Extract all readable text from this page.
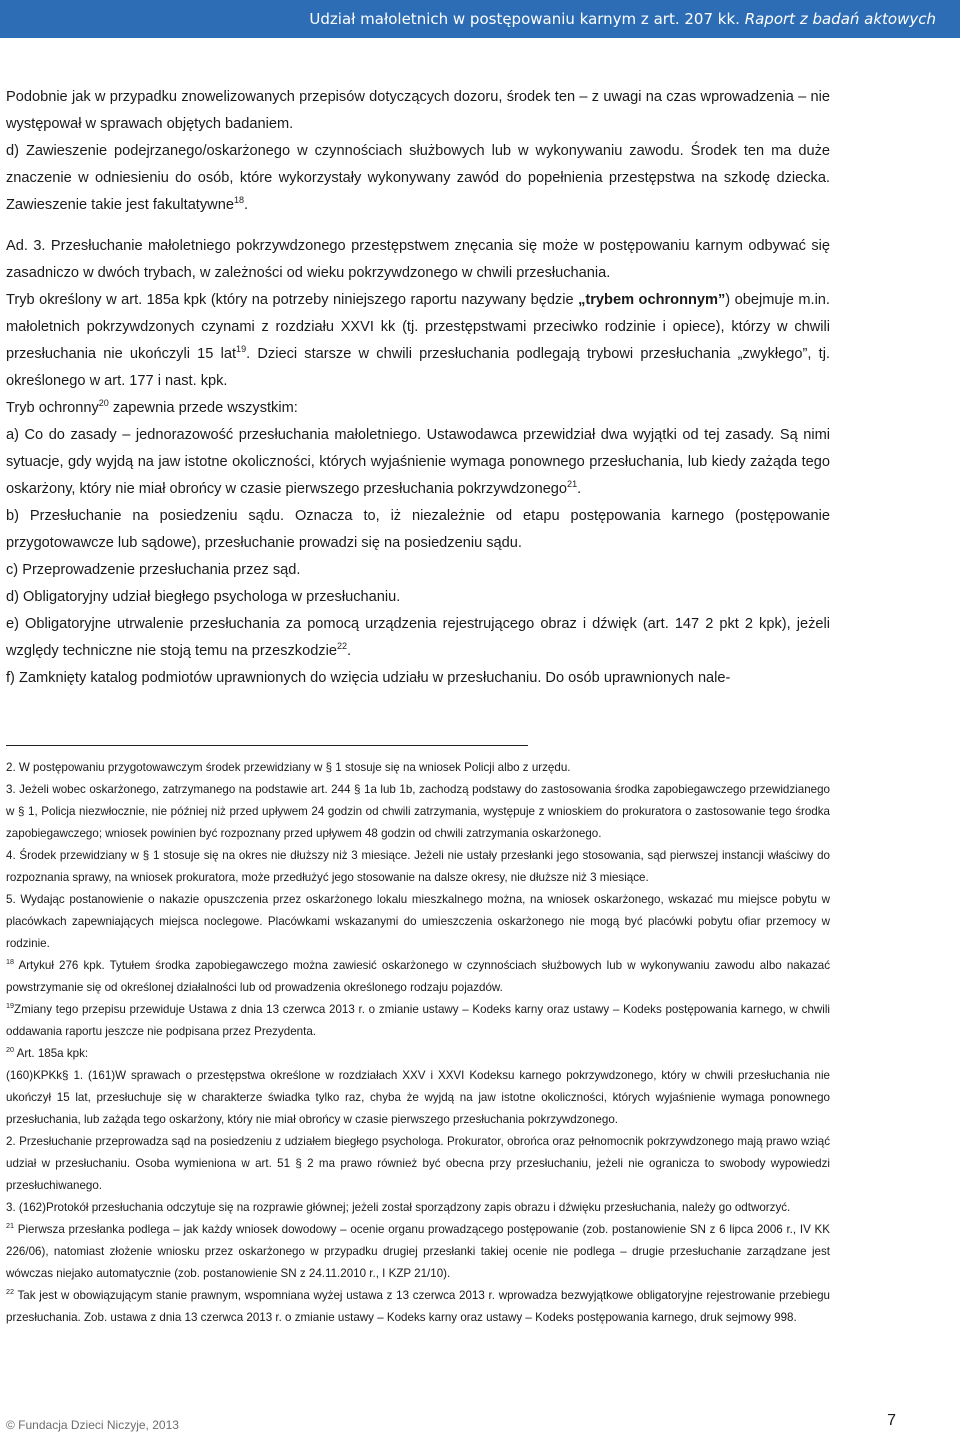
Udział małoletnich w postępowaniu karnym z art. 207 kk. Raport z badań aktowych

Podobnie jak w przypadku znowelizowanych przepisów dotyczących dozoru, środek ten – z uwagi na czas wprowadzenia – nie występował w sprawach objętych badaniem.

d) Zawieszenie podejrzanego/oskarżonego w czynnościach służbowych lub w wykonywaniu zawodu. Środek ten ma duże znaczenie w odniesieniu do osób, które wykorzystały wykonywany zawód do popełnienia przestępstwa na szkodę dziecka. Zawieszenie takie jest fakultatywne$^{18}$.

Ad. 3. Przesłuchanie małoletniego pokrzywdzonego przestępstwem znęcania się może w postępowaniu karnym odbywać się zasadniczo w dwóch trybach, w zależności od wieku pokrzywdzonego w chwili przesłuchania.

Tryb określony w art. 185a kpk (który na potrzeby niniejszego raportu nazywany będzie „trybem ochronnym”) obejmuje m.in. małoletnich pokrzywdzonych czynami z rozdziału XXVI kk (tj. przestępstwami przeciwko rodzinie i opiece), którzy w chwili przesłuchania nie ukończyli 15 lat$^{19}$. Dzieci starsze w chwili przesłuchania podlegają trybowi przesłuchania „zwykłego”, tj. określonego w art. 177 i nast. kpk.

Tryb ochronny$^{20}$ zapewnia przede wszystkim:

a) Co do zasady – jednorazowość przesłuchania małoletniego. Ustawodawca przewidział dwa wyjątki od tej zasady. Są nimi sytuacje, gdy wyjdą na jaw istotne okoliczności, których wyjaśnienie wymaga ponownego przesłuchania, lub kiedy zażąda tego oskarżony, który nie miał obrońcy w czasie pierwszego przesłuchania pokrzywdzonego$^{21}$.

b) Przesłuchanie na posiedzeniu sądu. Oznacza to, iż niezależnie od etapu postępowania karnego (postępowanie przygotowawcze lub sądowe), przesłuchanie prowadzi się na posiedzeniu sądu.

c) Przeprowadzenie przesłuchania przez sąd.

d) Obligatoryjny udział biegłego psychologa w przesłuchaniu.

e) Obligatoryjne utrwalenie przesłuchania za pomocą urządzenia rejestrującego obraz i dźwięk (art. 147 2 pkt 2 kpk), jeżeli względy techniczne nie stoją temu na przeszkodzie$^{22}$.

f) Zamknięty katalog podmiotów uprawnionych do wzięcia udziału w przesłuchaniu. Do osób uprawnionych nale-

2. W postępowaniu przygotowawczym środek przewidziany w § 1 stosuje się na wniosek Policji albo z urzędu.

3. Jeżeli wobec oskarżonego, zatrzymanego na podstawie art. 244 § 1a lub 1b, zachodzą podstawy do zastosowania środka zapobiegawczego przewidzianego w § 1, Policja niezwłocznie, nie później niż przed upływem 24 godzin od chwili zatrzymania, występuje z wnioskiem do prokuratora o zastosowanie tego środka zapobiegawczego; wniosek powinien być rozpoznany przed upływem 48 godzin od chwili zatrzymania oskarżonego.

4. Środek przewidziany w § 1 stosuje się na okres nie dłuższy niż 3 miesiące. Jeżeli nie ustały przesłanki jego stosowania, sąd pierwszej instancji właściwy do rozpoznania sprawy, na wniosek prokuratora, może przedłużyć jego stosowanie na dalsze okresy, nie dłuższe niż 3 miesiące.

5. Wydając postanowienie o nakazie opuszczenia przez oskarżonego lokalu mieszkalnego można, na wniosek oskarżonego, wskazać mu miejsce pobytu w placówkach zapewniających miejsca noclegowe. Placówkami wskazanymi do umieszczenia oskarżonego nie mogą być placówki pobytu ofiar przemocy w rodzinie.

$^{18}$ Artykuł 276 kpk. Tytułem środka zapobiegawczego można zawiesić oskarżonego w czynnościach służbowych lub w wykonywaniu zawodu albo nakazać powstrzymanie się od określonej działalności lub od prowadzenia określonego rodzaju pojazdów.

$^{19}$Zmiany tego przepisu przewiduje Ustawa z dnia 13 czerwca 2013 r. o zmianie ustawy – Kodeks karny oraz ustawy – Kodeks postępowania karnego, w chwili oddawania raportu jeszcze nie podpisana przez Prezydenta.

$^{20}$ Art. 185a kpk:

(160)KPKk§ 1. (161)W sprawach o przestępstwa określone w rozdziałach XXV i XXVI Kodeksu karnego pokrzywdzonego, który w chwili przesłuchania nie ukończył 15 lat, przesłuchuje się w charakterze świadka tylko raz, chyba że wyjdą na jaw istotne okoliczności, których wyjaśnienie wymaga ponownego przesłuchania, lub zażąda tego oskarżony, który nie miał obrońcy w czasie pierwszego przesłuchania pokrzywdzonego.

2. Przesłuchanie przeprowadza sąd na posiedzeniu z udziałem biegłego psychologa. Prokurator, obrońca oraz pełnomocnik pokrzywdzonego mają prawo wziąć udział w przesłuchaniu. Osoba wymieniona w art. 51 § 2 ma prawo również być obecna przy przesłuchaniu, jeżeli nie ogranicza to swobody wypowiedzi przesłuchiwanego.

3. (162)Protokół przesłuchania odczytuje się na rozprawie głównej; jeżeli został sporządzony zapis obrazu i dźwięku przesłuchania, należy go odtworzyć.

$^{21}$ Pierwsza przesłanka podlega – jak każdy wniosek dowodowy – ocenie organu prowadzącego postępowanie (zob. postanowienie SN z 6 lipca 2006 r., IV KK 226/06), natomiast złożenie wniosku przez oskarżonego w przypadku drugiej przesłanki takiej ocenie nie podlega – drugie przesłuchanie zarządzane jest wówczas niejako automatycznie (zob. postanowienie SN z 24.11.2010 r., I KZP 21/10).

$^{22}$ Tak jest w obowiązującym stanie prawnym, wspomniana wyżej ustawa z 13 czerwca 2013 r. wprowadza bezwyjątkowe obligatoryjne rejestrowanie przebiegu przesłuchania. Zob. ustawa z dnia 13 czerwca 2013 r. o zmianie ustawy – Kodeks karny oraz ustawy – Kodeks postępowania karnego, druk sejmowy 998.

© Fundacja Dzieci Niczyje, 2013	7
